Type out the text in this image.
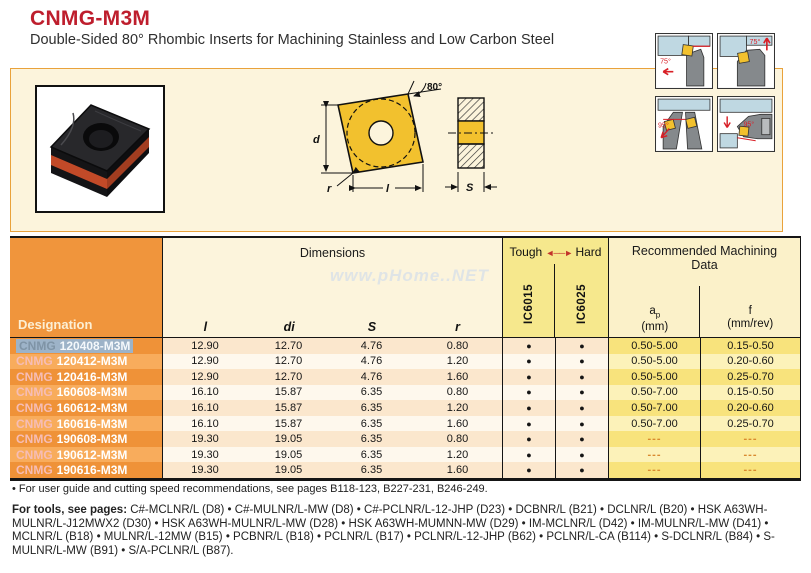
CNMG-M3M
Double-Sided 80° Rhombic Inserts for Machining Stainless and Low Carbon Steel
80°
d
l
r	S
75°
75°
95°	95°
www.pHome..NET
Designation
Dimensions
l	di	S	r
Tough ◄──► Hard
IC6015	IC6025
Recommended Machining
Data
$a_p$
(mm)
f
(mm/rev)
CNMG 120408-M3M	12.90	12.70	4.76	0.80	●	●	0.50-5.00	0.15-0.50
CNMG 120412-M3M	12.90	12.70	4.76	1.20	●	●	0.50-5.00	0.20-0.60
CNMG 120416-M3M	12.90	12.70	4.76	1.60	●	●	0.50-5.00	0.25-0.70
CNMG 160608-M3M	16.10	15.87	6.35	0.80	●	●	0.50-7.00	0.15-0.50
CNMG 160612-M3M	16.10	15.87	6.35	1.20	●	●	0.50-7.00	0.20-0.60
CNMG 160616-M3M	16.10	15.87	6.35	1.60	●	●	0.50-7.00	0.25-0.70
CNMG 190608-M3M	19.30	19.05	6.35	0.80	●	●	---	---
CNMG 190612-M3M	19.30	19.05	6.35	1.20	●	●	---	---
CNMG 190616-M3M	19.30	19.05	6.35	1.60	●	●	---	---
• For user guide and cutting speed recommendations, see pages B118-123, B227-231, B246-249.
For tools, see pages: C#-MCLNR/L (D8) • C#-MULNR/L-MW (D8) • C#-PCLNR/L-12-JHP (D23) • DCBNR/L (B21) • DCLNR/L (B20) • HSK A63WH-MULNR/L-J12MWX2 (D30) • HSK A63WH-MULNR/L-MW (D28) • HSK A63WH-MUMNN-MW (D29) • IM-MCLNR/L (D42) • IM-MULNR/L-MW (D41) • MCLNR/L (B18) • MULNR/L-12MW (B15) • PCBNR/L (B18) • PCLNR/L (B17) • PCLNR/L-12-JHP (B62) • PCLNR/L-CA (B114) • S-DCLNR/L (B84) • S-MULNR/L-MW (B91) • S/A-PCLNR/L (B87).
